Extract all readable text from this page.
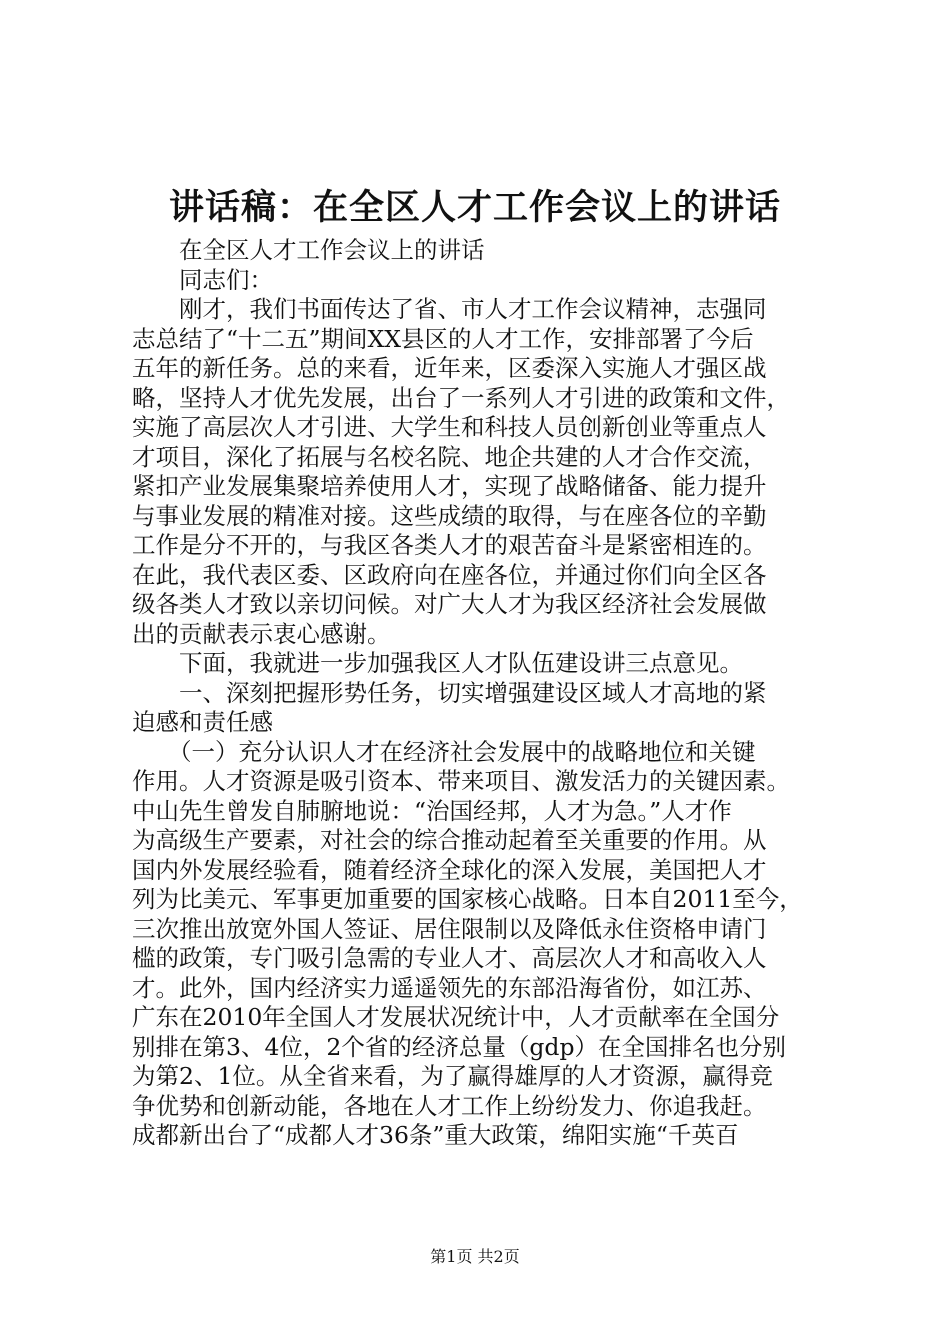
讲话稿：在全区人才工作会议上的讲话
在全区人才工作会议上的讲话
同志们：
刚才，我们书面传达了省、市人才工作会议精神，志强同
志总结了“十二五”期间XX县区的人才工作，安排部署了今后
五年的新任务。总的来看，近年来，区委深入实施人才强区战
略，坚持人才优先发展，出台了一系列人才引进的政策和文件，
实施了高层次人才引进、大学生和科技人员创新创业等重点人
才项目，深化了拓展与名校名院、地企共建的人才合作交流，
紧扣产业发展集聚培养使用人才，实现了战略储备、能力提升
与事业发展的精准对接。这些成绩的取得，与在座各位的辛勤
工作是分不开的，与我区各类人才的艰苦奋斗是紧密相连的。
在此，我代表区委、区政府向在座各位，并通过你们向全区各
级各类人才致以亲切问候。对广大人才为我区经济社会发展做
出的贡献表示衷心感谢。
下面，我就进一步加强我区人才队伍建设讲三点意见。
一、深刻把握形势任务，切实增强建设区域人才高地的紧
迫感和责任感
（一）充分认识人才在经济社会发展中的战略地位和关键
作用。人才资源是吸引资本、带来项目、激发活力的关键因素。
中山先生曾发自肺腑地说：“治国经邦，人才为急。”人才作
为高级生产要素，对社会的综合推动起着至关重要的作用。从
国内外发展经验看，随着经济全球化的深入发展，美国把人才
列为比美元、军事更加重要的国家核心战略。日本自2011至今，
三次推出放宽外国人签证、居住限制以及降低永住资格申请门
槛的政策，专门吸引急需的专业人才、高层次人才和高收入人
才。此外，国内经济实力遥遥领先的东部沿海省份，如江苏、
广东在2010年全国人才发展状况统计中，人才贡献率在全国分
别排在第3、4位，2个省的经济总量（gdp）在全国排名也分别
为第2、1位。从全省来看，为了赢得雄厚的人才资源，赢得竞
争优势和创新动能，各地在人才工作上纷纷发力、你追我赶。
成都新出台了“成都人才36条”重大政策，绵阳实施“千英百
第1页 共2页
